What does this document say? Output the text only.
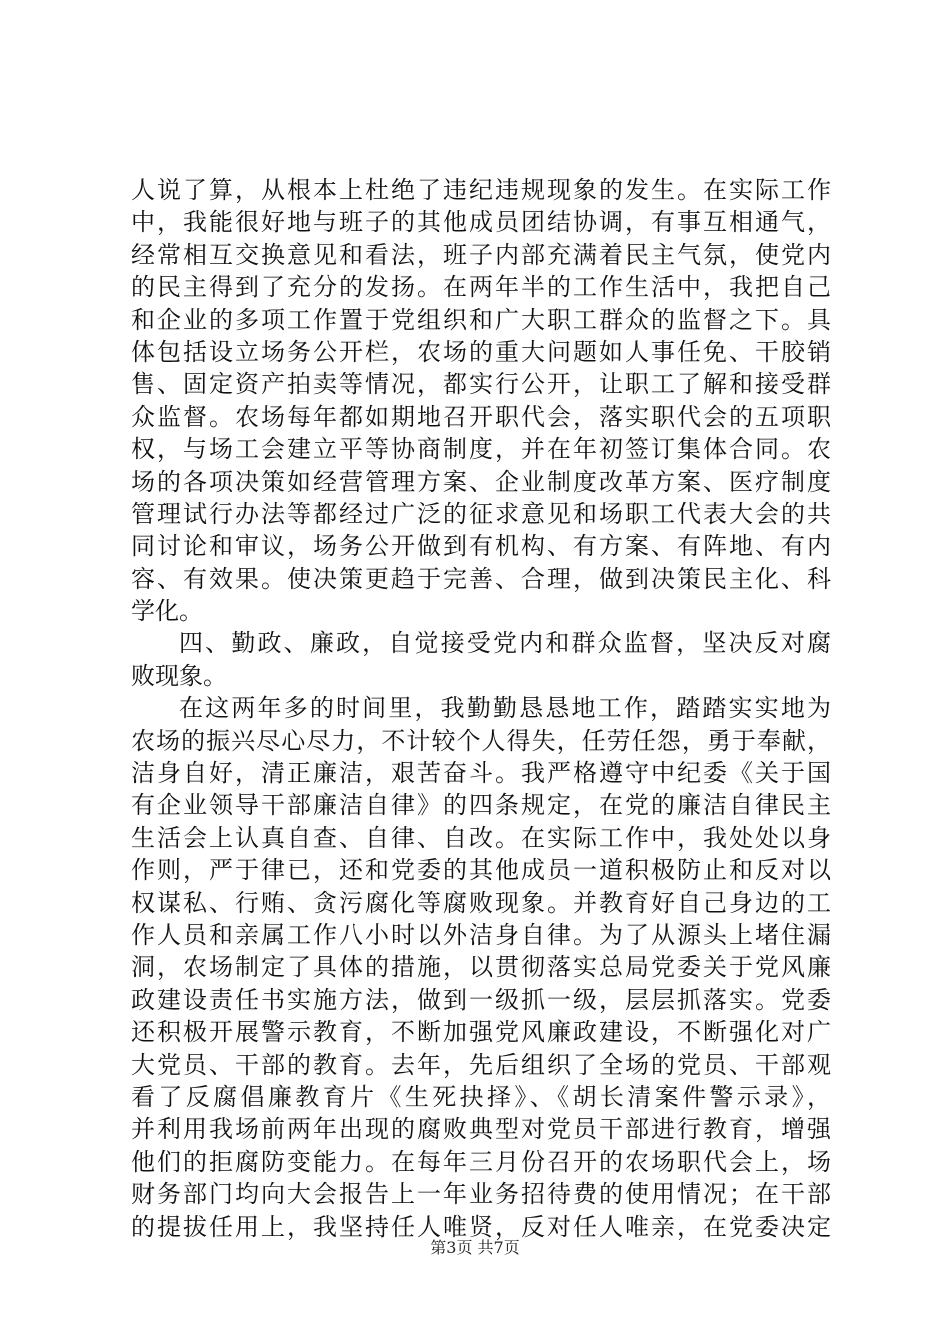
人说了算，从根本上杜绝了违纪违规现象的发生。在实际工作
中，我能很好地与班子的其他成员团结协调，有事互相通气，
经常相互交换意见和看法，班子内部充满着民主气氛，使党内
的民主得到了充分的发扬。在两年半的工作生活中，我把自己
和企业的多项工作置于党组织和广大职工群众的监督之下。具
体包括设立场务公开栏，农场的重大问题如人事任免、干胶销
售、固定资产拍卖等情况，都实行公开，让职工了解和接受群
众监督。农场每年都如期地召开职代会，落实职代会的五项职
权，与场工会建立平等协商制度，并在年初签订集体合同。农
场的各项决策如经营管理方案、企业制度改革方案、医疗制度
管理试行办法等都经过广泛的征求意见和场职工代表大会的共
同讨论和审议，场务公开做到有机构、有方案、有阵地、有内
容、有效果。使决策更趋于完善、合理，做到决策民主化、科
学化。
四、勤政、廉政，自觉接受党内和群众监督，坚决反对腐
败现象。
在这两年多的时间里，我勤勤恳恳地工作，踏踏实实地为
农场的振兴尽心尽力，不计较个人得失，任劳任怨，勇于奉献，
洁身自好，清正廉洁，艰苦奋斗。我严格遵守中纪委《关于国
有企业领导干部廉洁自律》的四条规定，在党的廉洁自律民主
生活会上认真自查、自律、自改。在实际工作中，我处处以身
作则，严于律已，还和党委的其他成员一道积极防止和反对以
权谋私、行贿、贪污腐化等腐败现象。并教育好自己身边的工
作人员和亲属工作八小时以外洁身自律。为了从源头上堵住漏
洞，农场制定了具体的措施，以贯彻落实总局党委关于党风廉
政建设责任书实施方法，做到一级抓一级，层层抓落实。党委
还积极开展警示教育，不断加强党风廉政建设，不断强化对广
大党员、干部的教育。去年，先后组织了全场的党员、干部观
看了反腐倡廉教育片《生死抉择》、《胡长清案件警示录》，
并利用我场前两年出现的腐败典型对党员干部进行教育，增强
他们的拒腐防变能力。在每年三月份召开的农场职代会上，场
财务部门均向大会报告上一年业务招待费的使用情况；在干部
的提拔任用上，我坚持任人唯贤，反对任人唯亲，在党委决定
第3页 共7页
